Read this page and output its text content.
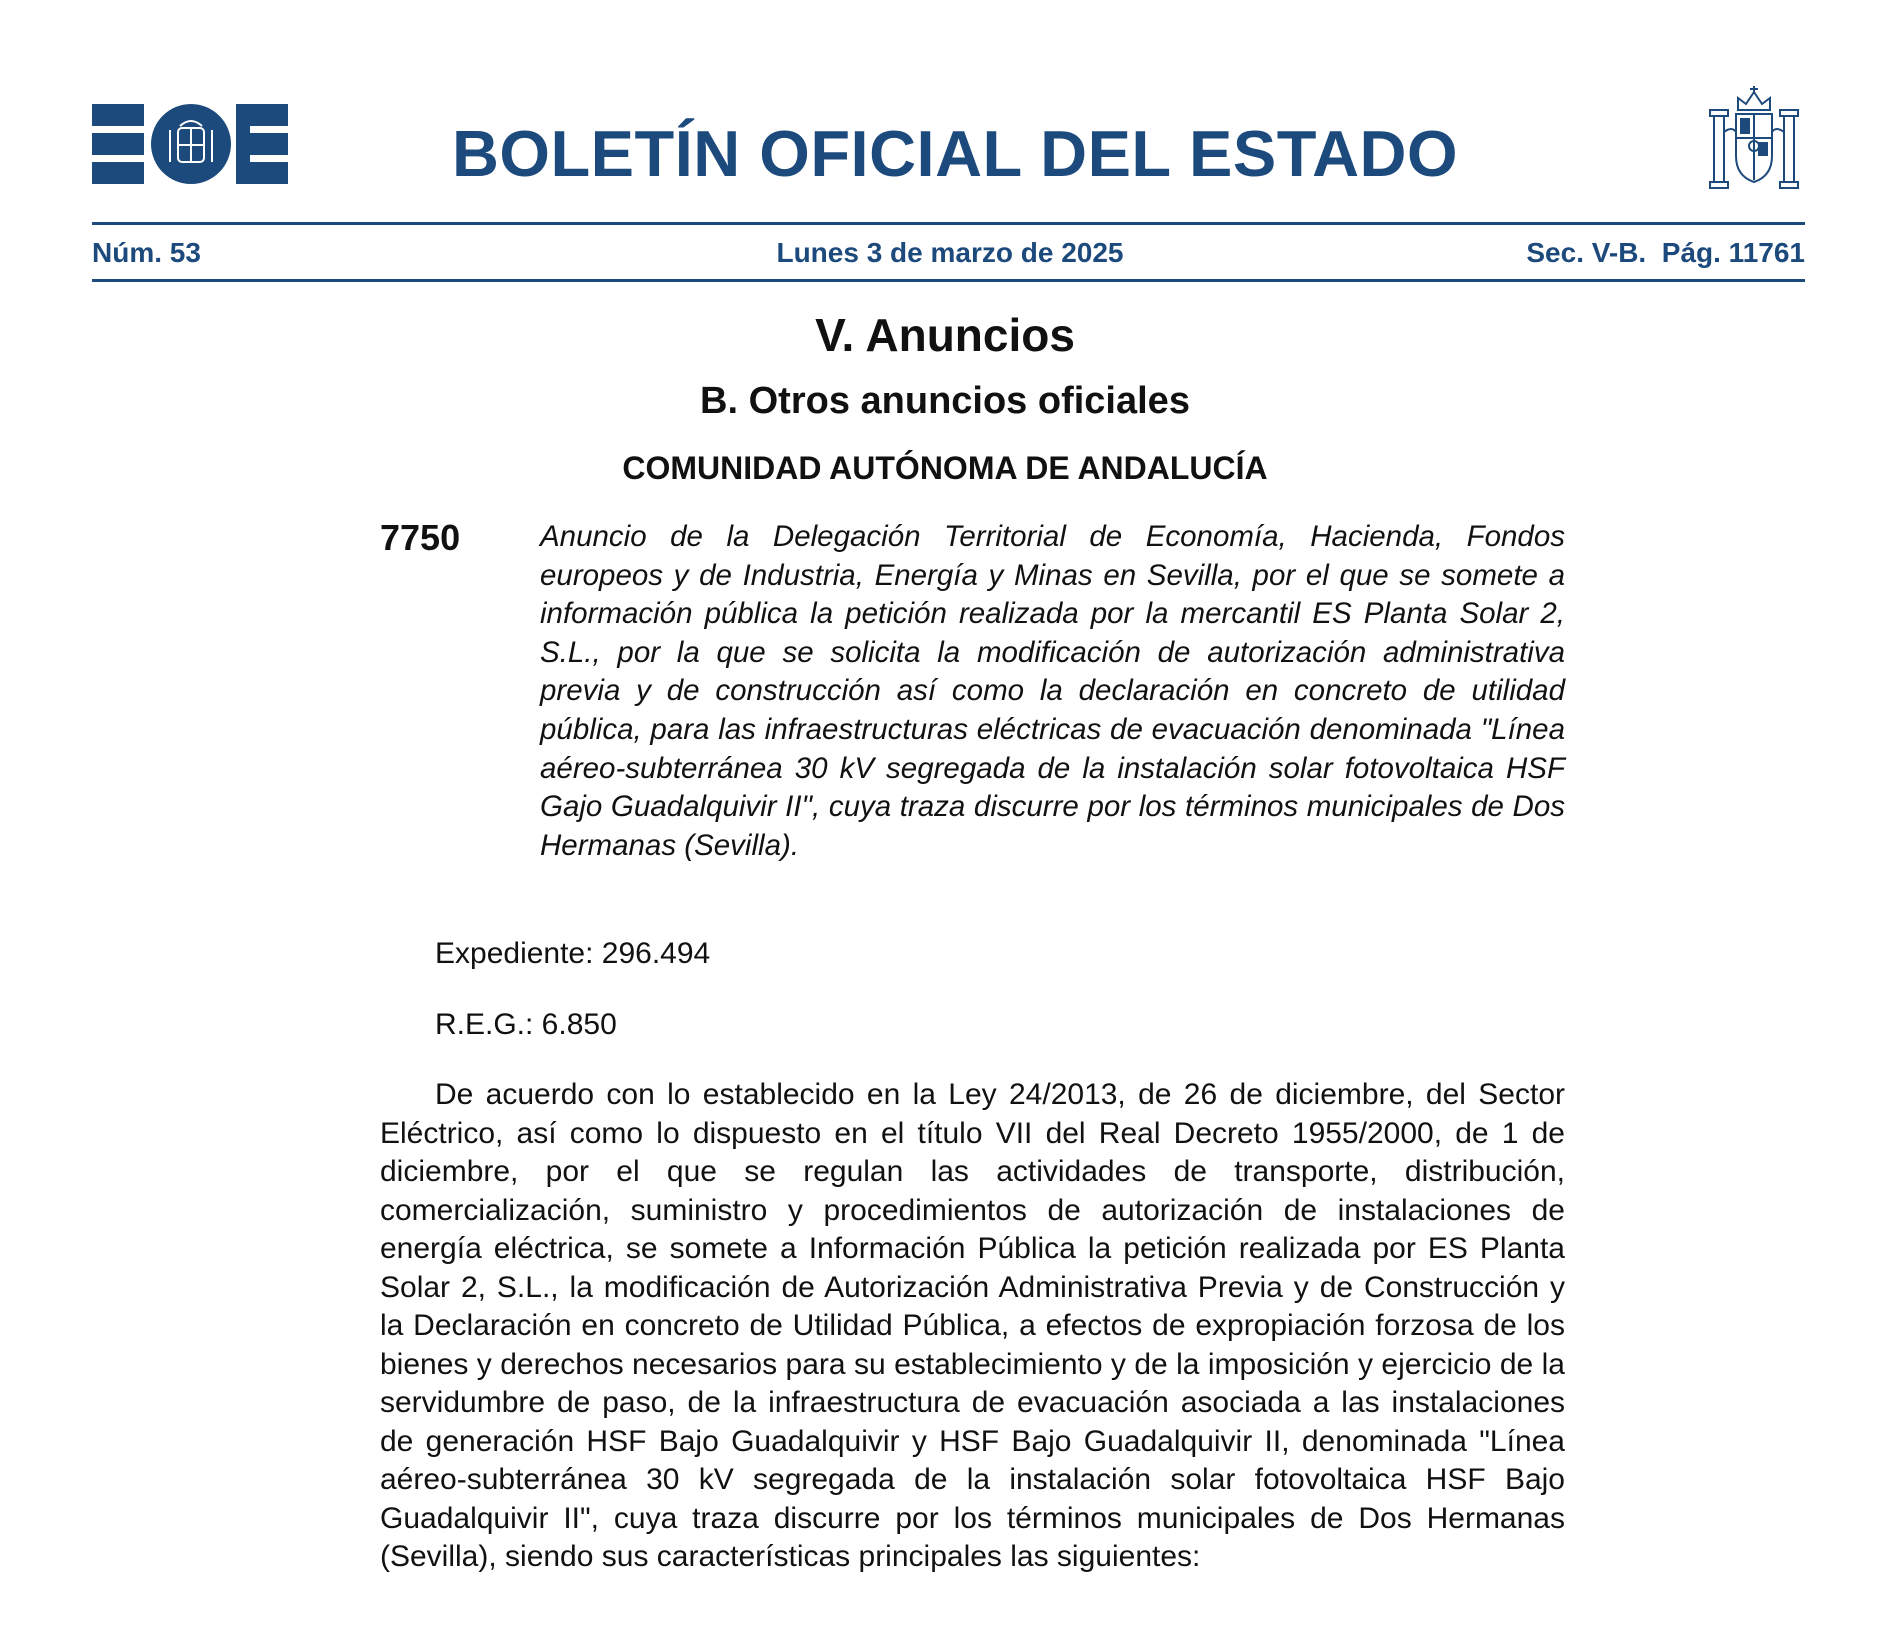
BOLETÍN OFICIAL DEL ESTADO
Núm. 53	Lunes 3 de marzo de 2025	Sec. V-B.  Pág. 11761
V. Anuncios
B. Otros anuncios oficiales
COMUNIDAD AUTÓNOMA DE ANDALUCÍA
7750	Anuncio de la Delegación Territorial de Economía, Hacienda, Fondos europeos y de Industria, Energía y Minas en Sevilla, por el que se somete a información pública la petición realizada por la mercantil ES Planta Solar 2, S.L., por la que se solicita la modificación de autorización administrativa previa y de construcción así como la declaración en concreto de utilidad pública, para las infraestructuras eléctricas de evacuación denominada "Línea aéreo-subterránea 30 kV segregada de la instalación solar fotovoltaica HSF Gajo Guadalquivir II", cuya traza discurre por los términos municipales de Dos Hermanas (Sevilla).
Expediente: 296.494
R.E.G.: 6.850
De acuerdo con lo establecido en la Ley 24/2013, de 26 de diciembre, del Sector Eléctrico, así como lo dispuesto en el título VII del Real Decreto 1955/2000, de 1 de diciembre, por el que se regulan las actividades de transporte, distribución, comercialización, suministro y procedimientos de autorización de instalaciones de energía eléctrica, se somete a Información Pública la petición realizada por ES Planta Solar 2, S.L., la modificación de Autorización Administrativa Previa y de Construcción y la Declaración en concreto de Utilidad Pública, a efectos de expropiación forzosa de los bienes y derechos necesarios para su establecimiento y de la imposición y ejercicio de la servidumbre de paso, de la infraestructura de evacuación asociada a las instalaciones de generación HSF Bajo Guadalquivir y HSF Bajo Guadalquivir II, denominada "Línea aéreo-subterránea 30 kV segregada de la instalación solar fotovoltaica HSF Bajo Guadalquivir II", cuya traza discurre por los términos municipales de Dos Hermanas (Sevilla), siendo sus características principales las siguientes:
